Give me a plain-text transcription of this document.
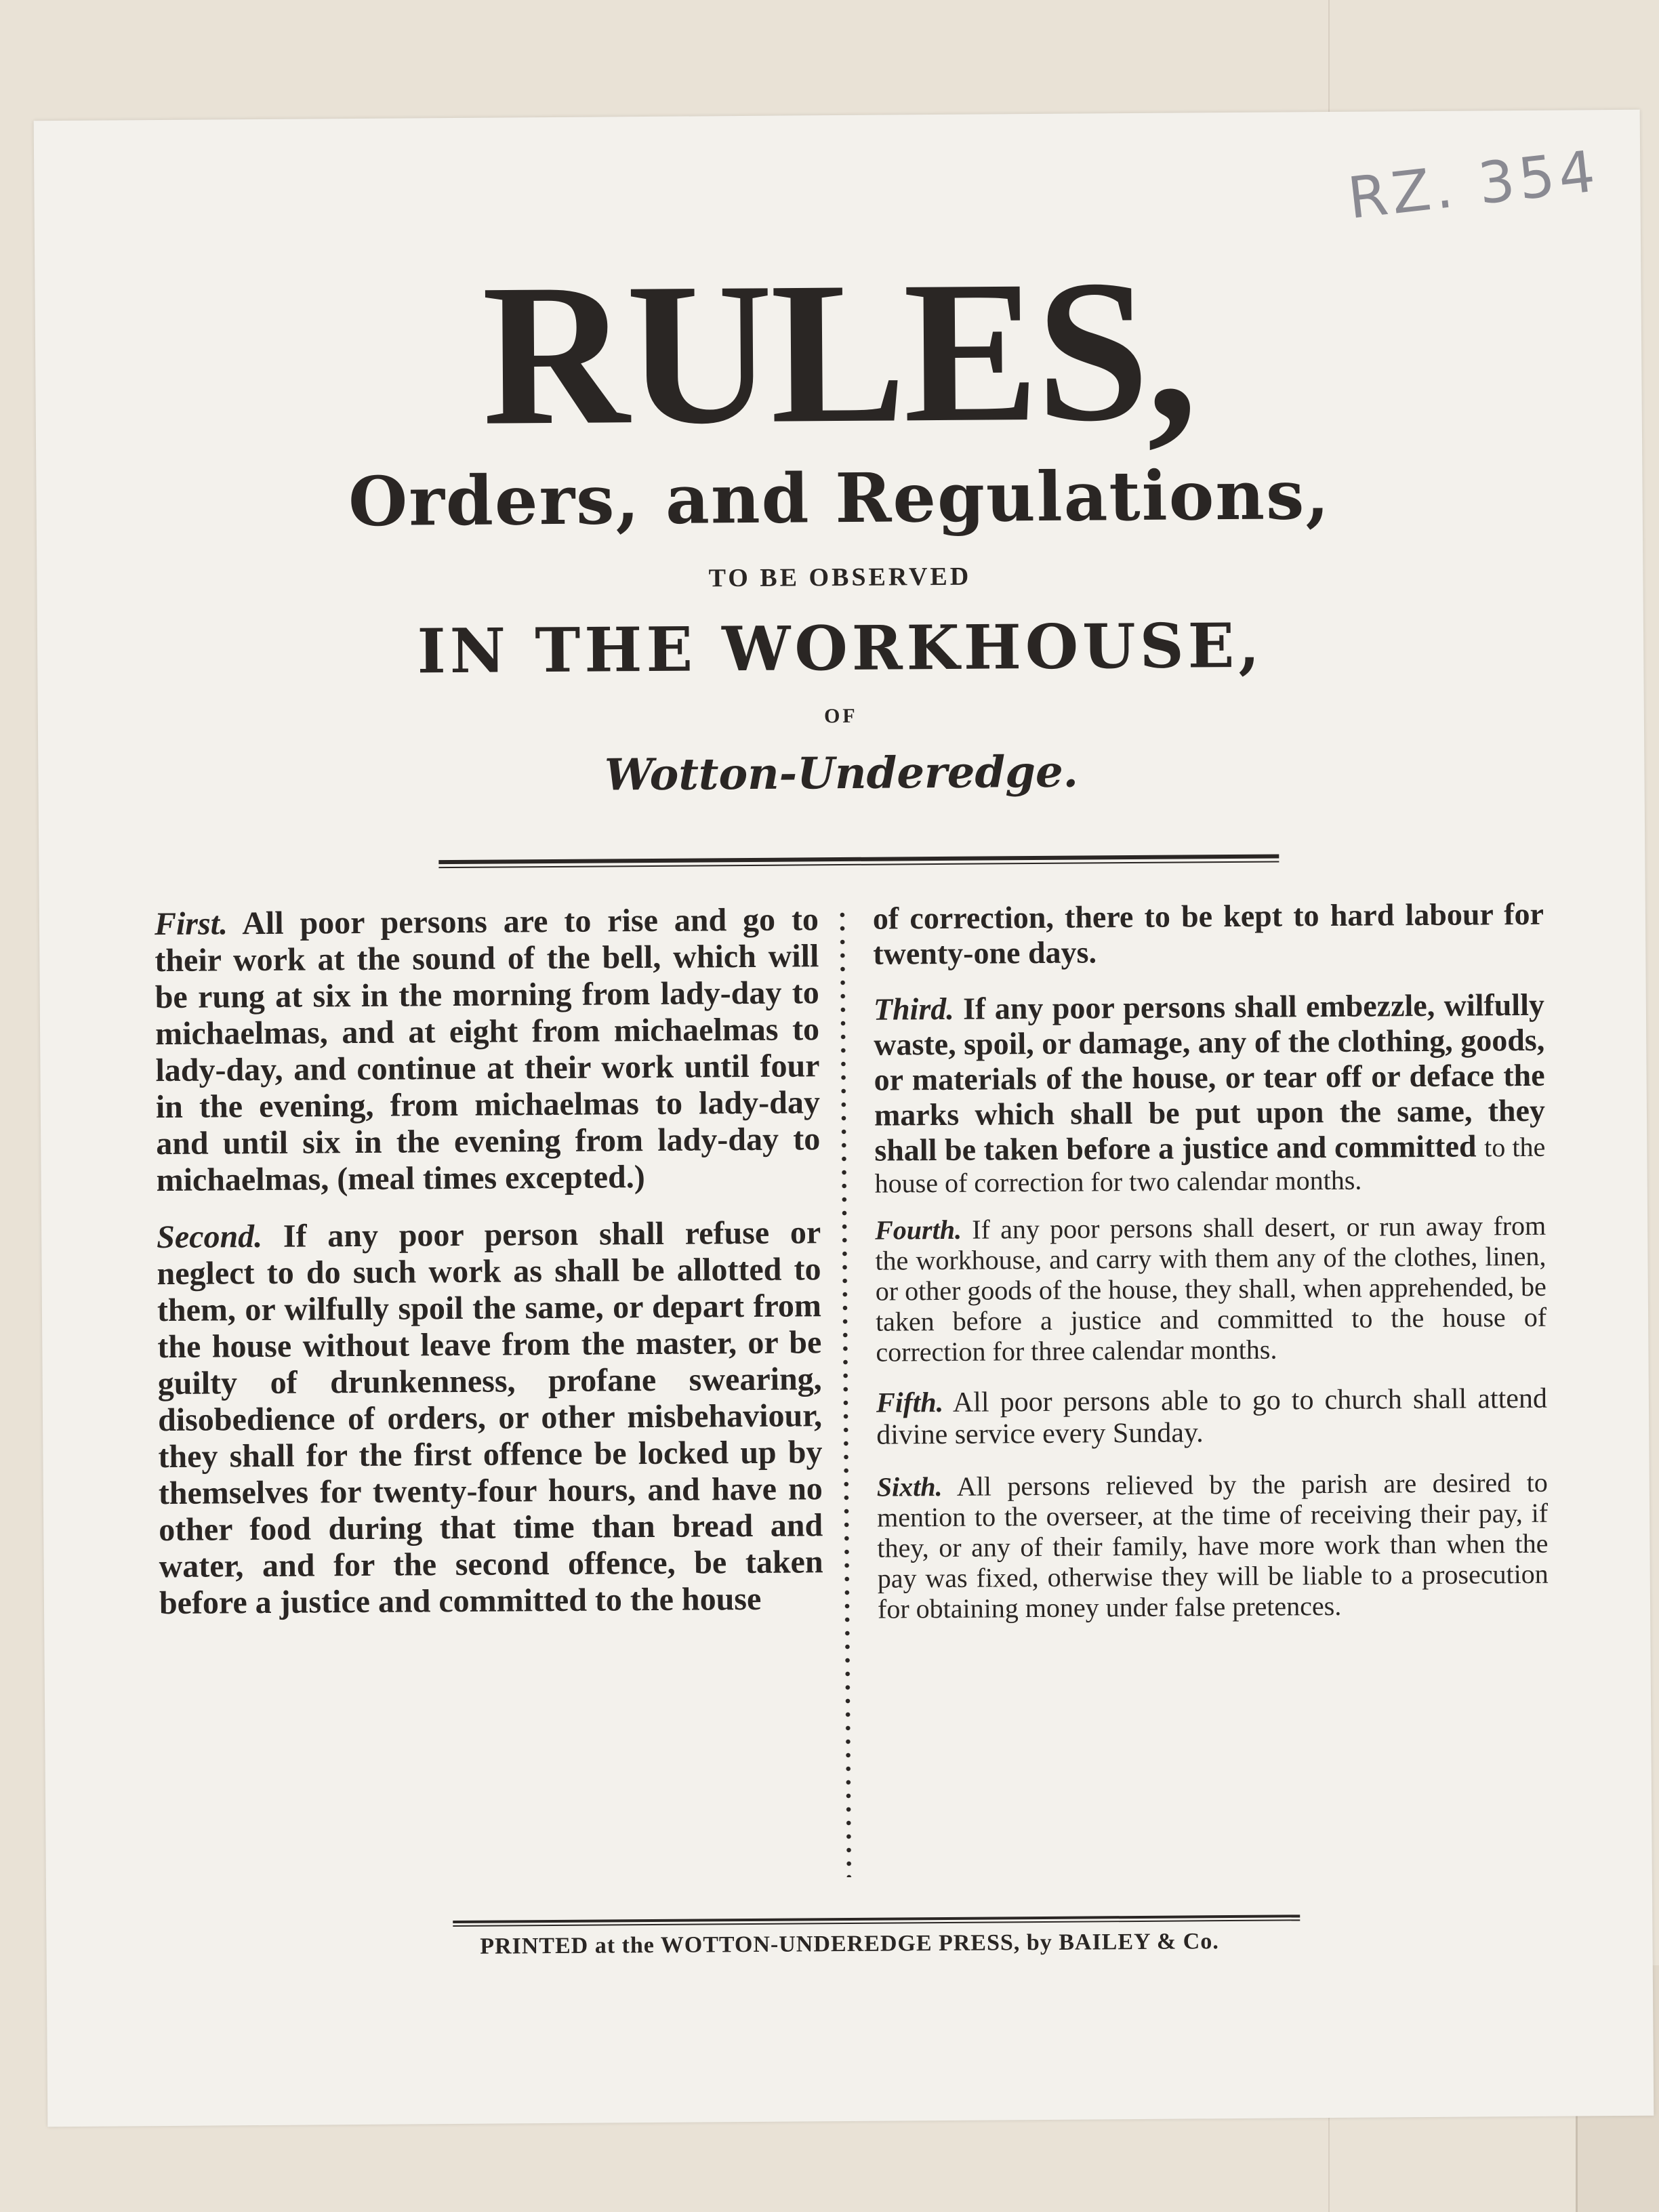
RZ. 354
RULES,
Orders, and Regulations,
TO BE OBSERVED
IN THE WORKHOUSE,
OF
Wotton-Underedge.

First. All poor persons are to rise and go to their work at the sound of the bell, which will be rung at six in the morning from lady-day to michaelmas, and at eight from michaelmas to lady-day, and continue at their work until four in the evening, from michaelmas to lady-day and until six in the evening from lady-day to michaelmas, (meal times excepted.)

Second. If any poor person shall refuse or neglect to do such work as shall be allotted to them, or wilfully spoil the same, or depart from the house without leave from the master, or be guilty of drunkenness, profane swearing, disobedience of orders, or other misbehaviour, they shall for the first offence be locked up by themselves for twenty-four hours, and have no other food during that time than bread and water, and for the second offence, be taken before a justice and committed to the house

of correction, there to be kept to hard labour for twenty-one days.

Third. If any poor persons shall embezzle, wilfully waste, spoil, or damage, any of the clothing, goods, or materials of the house, or tear off or deface the marks which shall be put upon the same, they shall be taken before a justice and committed to the house of correction for two calendar months.

Fourth. If any poor persons shall desert, or run away from the workhouse, and carry with them any of the clothes, linen, or other goods of the house, they shall, when apprehended, be taken before a justice and committed to the house of correction for three calendar months.

Fifth. All poor persons able to go to church shall attend divine service every Sunday.

Sixth. All persons relieved by the parish are desired to mention to the overseer, at the time of receiving their pay, if they, or any of their family, have more work than when the pay was fixed, otherwise they will be liable to a prosecution for obtaining money under false pretences.

PRINTED at the WOTTON-UNDEREDGE PRESS, by BAILEY & Co.
